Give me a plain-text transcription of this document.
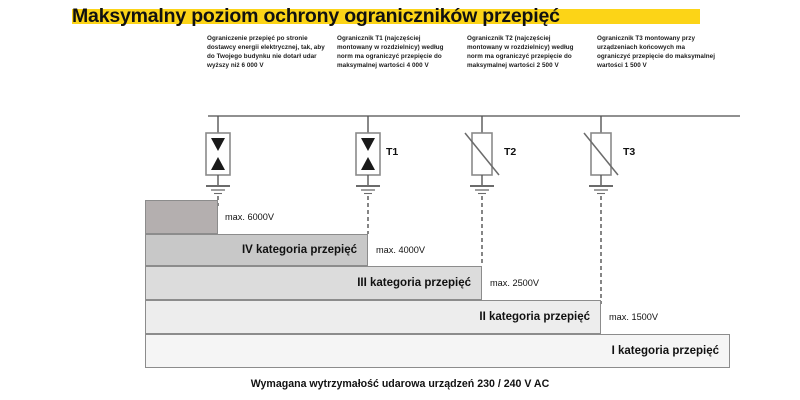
Maksymalny poziom ochrony ograniczników przepięć
Ograniczenie przepięć po stronie dostawcy energii elektrycznej, tak, aby do Twojego budynku nie dotarł udar wyższy niż 6 000 V
Ogranicznik T1 (najczęściej montowany w rozdzielnicy) według norm ma ograniczyć przepięcie do maksymalnej wartości 4 000 V
Ogranicznik T2 (najczęściej montowany w rozdzielnicy) według norm ma ograniczyć przepięcie do maksymalnej wartości 2 500 V
Ogranicznik T3 montowany przy urządzeniach końcowych ma ograniczyć przepięcie do maksymalnej wartości 1 500 V
T1	T2	T3
max. 6000V
IV kategoria przepięć	max. 4000V
III kategoria przepięć	max. 2500V
II kategoria przepięć	max. 1500V
I kategoria przepięć
Wymagana wytrzymałość udarowa urządzeń 230 / 240 V AC
